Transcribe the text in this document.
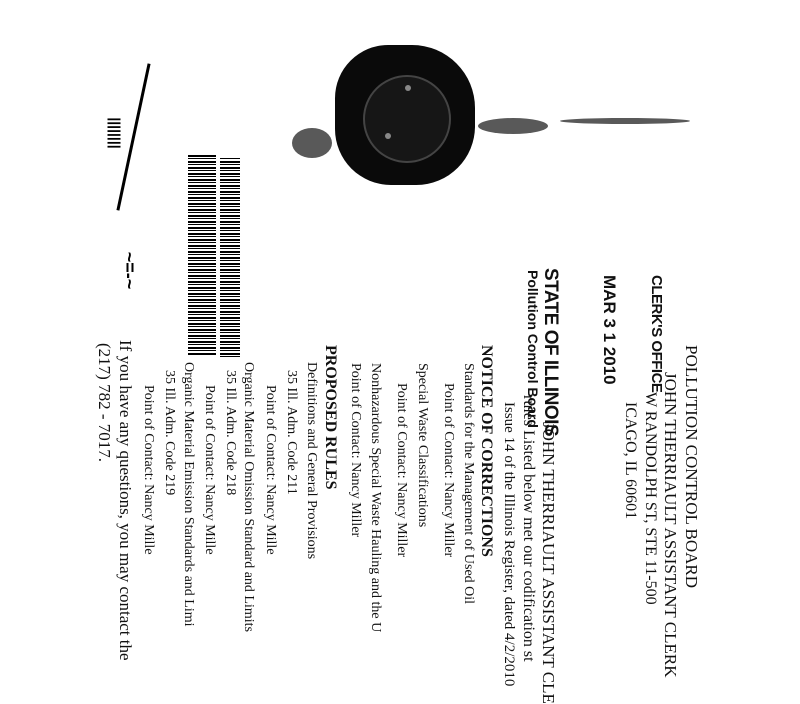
~=‑~
||||||||
POLLUTION CONTROL BOARD
JOHN THERRIAULT ASSISTANT CLERK
W RANDOLPH ST, STE 11-500
ICAGO, IL 60601
CLERK'S OFFICE
MAR 3 1 2010
STATE OF ILLINOIS
Pollution Control Board
JOHN THERRIAULT ASSISTANT CLE
rules Listed below met our codification st
Issue 14 of the Illinois Register, dated 4/2/2010
NOTICE OF CORRECTIONS
Standards for the Management of Used Oil
Point of Contact: Nancy Miller
Special Waste Classifications
Point of Contact: Nancy Miller
Nonhazardous Special Waste Hauling and the U
Point of Contact: Nancy Miller
PROPOSED RULES
Definitions and General Provisions
35 Ill. Adm. Code 211
Point of Contact: Nancy Mille
Organic Material Omission Standard and Limits
35 Ill. Adm. Code 218
Point of Contact: Nancy Mille
Organic Material Emission Standards and Limi
35 Ill. Adm. Code 219
Point of Contact: Nancy Mille
If you have any questions, you may contact the
(217) 782 - 7017.
